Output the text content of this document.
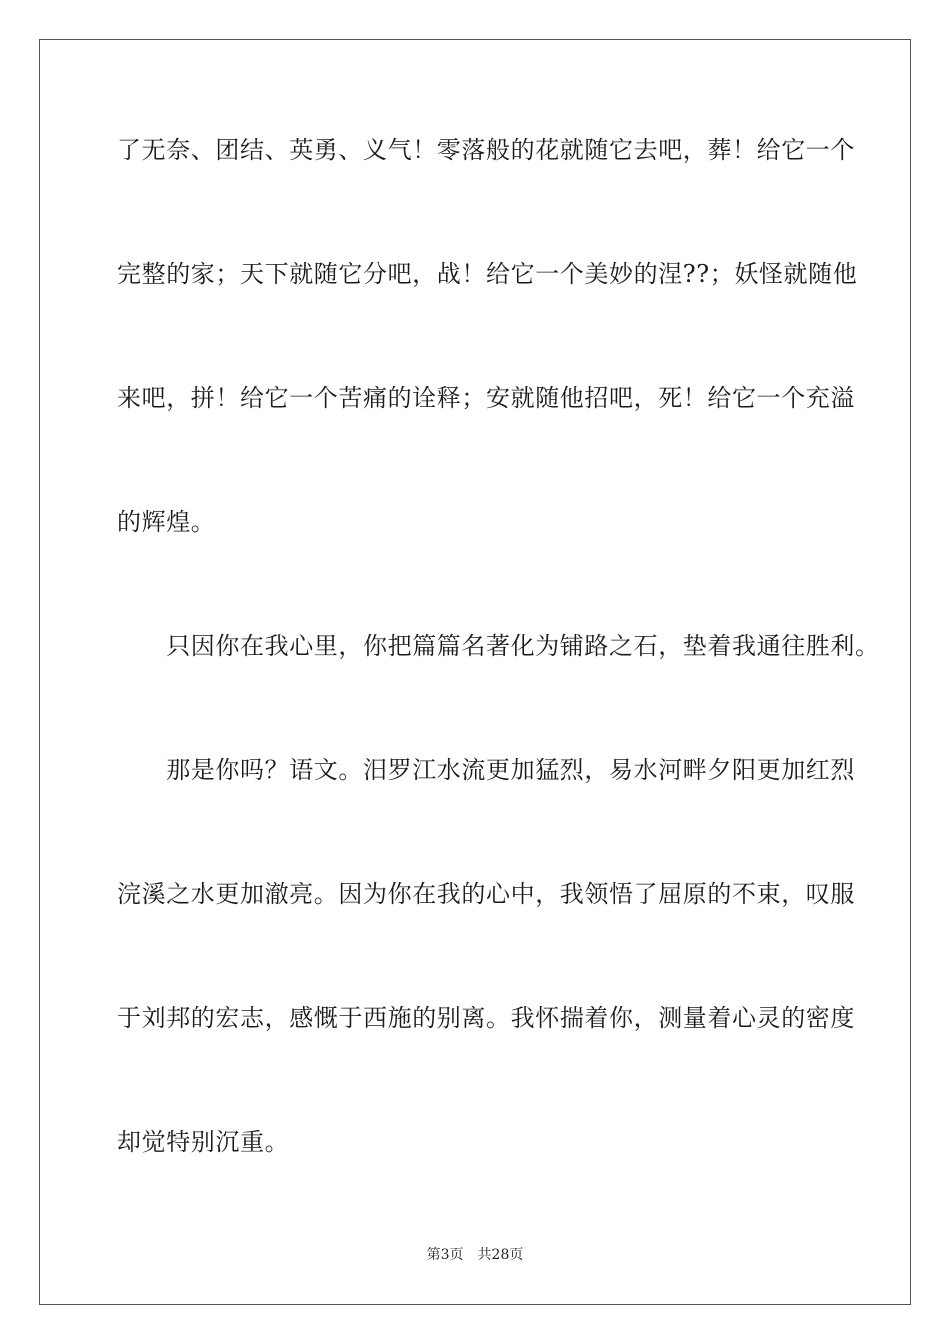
了无奈、团结、英勇、义气！零落般的花就随它去吧，葬！给它一个
完整的家；天下就随它分吧，战！给它一个美妙的涅??；妖怪就随他
来吧，拼！给它一个苦痛的诠释；安就随他招吧，死！给它一个充溢
的辉煌。
　　只因你在我心里，你把篇篇名著化为铺路之石，垫着我通往胜利。
　　那是你吗？语文。汨罗江水流更加猛烈，易水河畔夕阳更加红烈
浣溪之水更加澈亮。因为你在我的心中，我领悟了屈原的不束，叹服
于刘邦的宏志，感慨于西施的别离。我怀揣着你，测量着心灵的密度
却觉特别沉重。
第3页 共28页
